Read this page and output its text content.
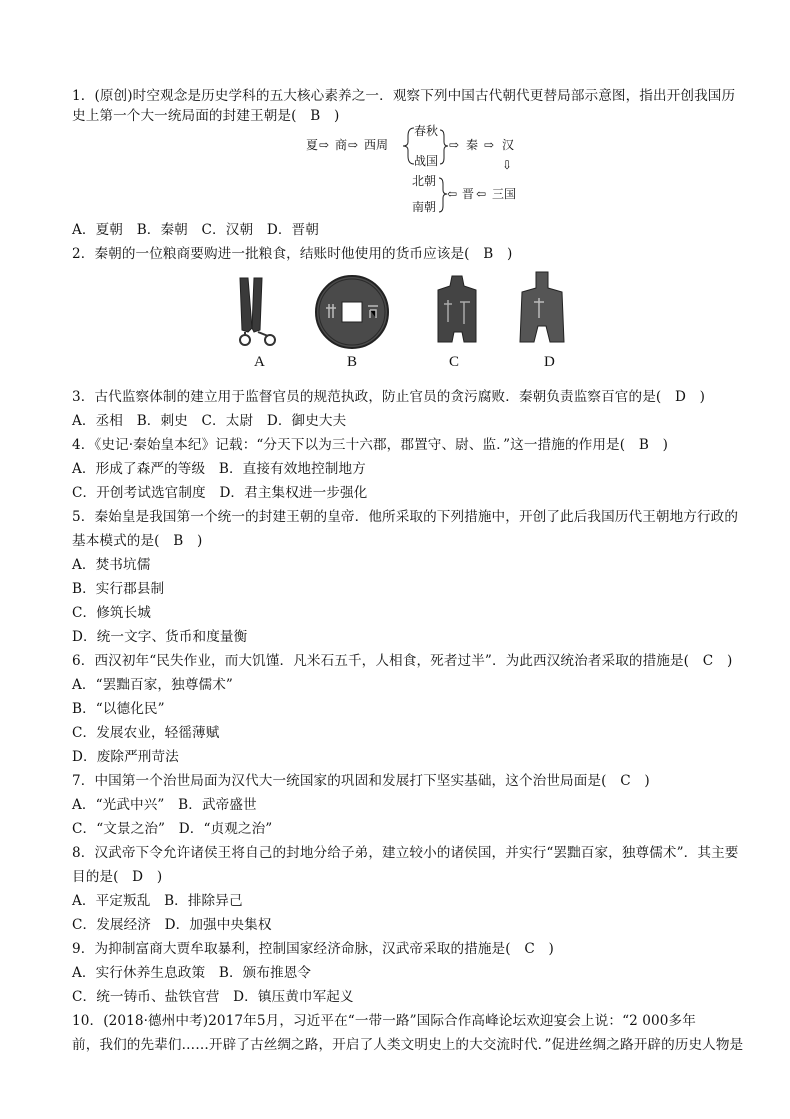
1．(原创)时空观念是历史学科的五大核心素养之一．观察下列中国古代朝代更替局部示意图，指出开创我国历
史上第一个大一统局面的封建王朝是(　B　)
夏 ⇨ 商 ⇨ 西周
春秋
战国
⇨ 秦 ⇨ 汉
⇩
北朝
南朝
⇦ 晋 ⇦ 三国
A．夏朝　B．秦朝　C．汉朝　D．晋朝
2．秦朝的一位粮商要购进一批粮食，结账时他使用的货币应该是(　B　)
A	B	C	D
3．古代监察体制的建立用于监督官员的规范执政，防止官员的贪污腐败．秦朝负责监察百官的是(　D　)
A．丞相　B．刺史　C．太尉　D．御史大夫
4．《史记·秦始皇本纪》记载：“分天下以为三十六郡，郡置守、尉、监．”这一措施的作用是(　B　)
A．形成了森严的等级　B．直接有效地控制地方
C．开创考试选官制度　D．君主集权进一步强化
5．秦始皇是我国第一个统一的封建王朝的皇帝．他所采取的下列措施中，开创了此后我国历代王朝地方行政的
基本模式的是(　B　)
A．焚书坑儒
B．实行郡县制
C．修筑长城
D．统一文字、货币和度量衡
6．西汉初年“民失作业，而大饥馑．凡米石五千，人相食，死者过半”．为此西汉统治者采取的措施是(　C　)
A．“罢黜百家，独尊儒术”
B．“以德化民”
C．发展农业，轻徭薄赋
D．废除严刑苛法
7．中国第一个治世局面为汉代大一统国家的巩固和发展打下坚实基础，这个治世局面是(　C　)
A．“光武中兴”　B．武帝盛世
C．“文景之治”　D．“贞观之治”
8．汉武帝下令允许诸侯王将自己的封地分给子弟，建立较小的诸侯国，并实行“罢黜百家，独尊儒术”．其主要
目的是(　D　)
A．平定叛乱　B．排除异己
C．发展经济　D．加强中央集权
9．为抑制富商大贾牟取暴利，控制国家经济命脉，汉武帝采取的措施是(　C　)
A．实行休养生息政策　B．颁布推恩令
C．统一铸币、盐铁官营　D．镇压黄巾军起义
10．(2018·德州中考)2017年5月，习近平在“一带一路”国际合作高峰论坛欢迎宴会上说：“2 000多年
前，我们的先辈们……开辟了古丝绸之路，开启了人类文明史上的大交流时代．”促进丝绸之路开辟的历史人物是
